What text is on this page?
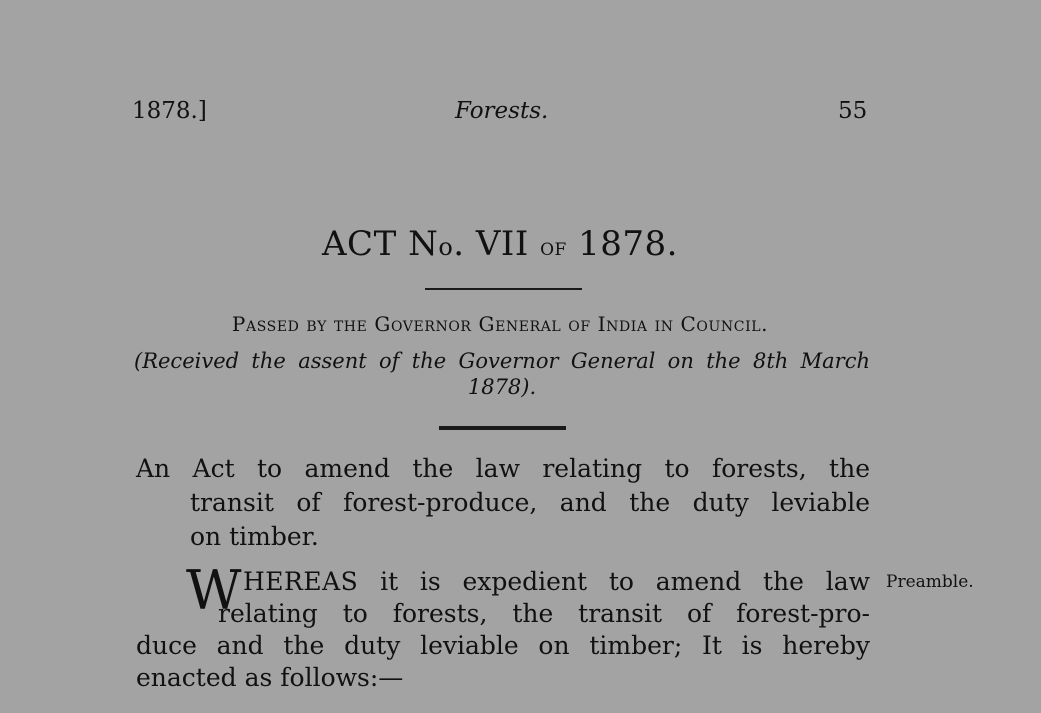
1878.]	Forests.	55
ACT No. VII OF 1878.
Passed by the Governor General of India in Council.
(Received the assent of the Governor General on the 8th March
1878).
An Act to amend the law relating to forests, the
transit of forest-produce, and the duty leviable
on timber.
W HEREAS it is expedient to amend the law
relating to forests, the transit of forest-pro-
duce and the duty leviable on timber; It is hereby
enacted as follows:—
Preamble.
